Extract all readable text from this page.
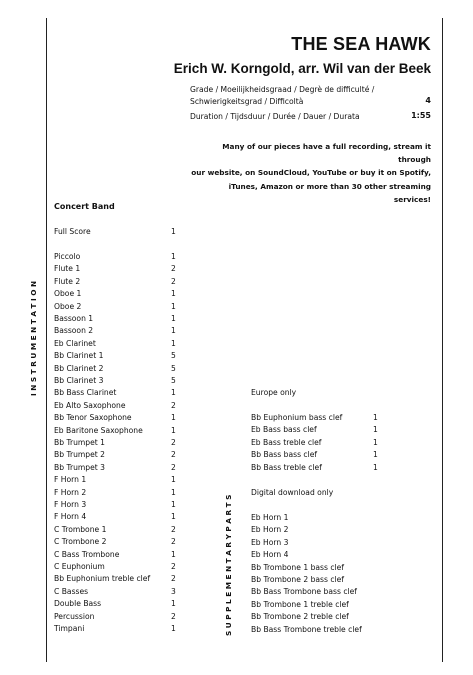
THE SEA HAWK
Erich W. Korngold, arr. Wil van der Beek
Grade / Moeilijkheidsgraad / Degrè de difficulté /
Schwierigkeitsgrad / Difficoltà	4
Duration / Tijdsduur / Durée / Dauer / Durata	1:55
Many of our pieces have a full recording, stream it through
our website, on SoundCloud, YouTube or buy it on Spotify,
iTunes, Amazon or more than 30 other streaming services!
I N S T R U M E N T A T I O N
S U P P L E M E N T A R Y P A R T S
Concert Band
Full Score	1
Piccolo	1
Flute 1	2
Flute 2	2
Oboe 1	1
Oboe 2	1
Bassoon 1	1
Bassoon 2	1
Eb Clarinet	1
Bb Clarinet 1	5
Bb Clarinet 2	5
Bb Clarinet 3	5
Bb Bass Clarinet	1
Eb Alto Saxophone	2
Bb Tenor Saxophone	1
Eb Baritone Saxophone	1
Bb Trumpet 1	2
Bb Trumpet 2	2
Bb Trumpet 3	2
F Horn 1	1
F Horn 2	1
F Horn 3	1
F Horn 4	1
C Trombone 1	2
C Trombone 2	2
C Bass Trombone	1
C Euphonium	2
Bb Euphonium treble clef	2
C Basses	3
Double Bass	1
Percussion	2
Timpani	1
Europe only
Bb Euphonium bass clef	1
Eb Bass bass clef	1
Eb Bass treble clef	1
Bb Bass bass clef	1
Bb Bass treble clef	1
Digital download only
Eb Horn 1
Eb Horn 2
Eb Horn 3
Eb Horn 4
Bb Trombone 1 bass clef
Bb Trombone 2 bass clef
Bb Bass Trombone bass clef
Bb Trombone 1 treble clef
Bb Trombone 2 treble clef
Bb Bass Trombone treble clef
